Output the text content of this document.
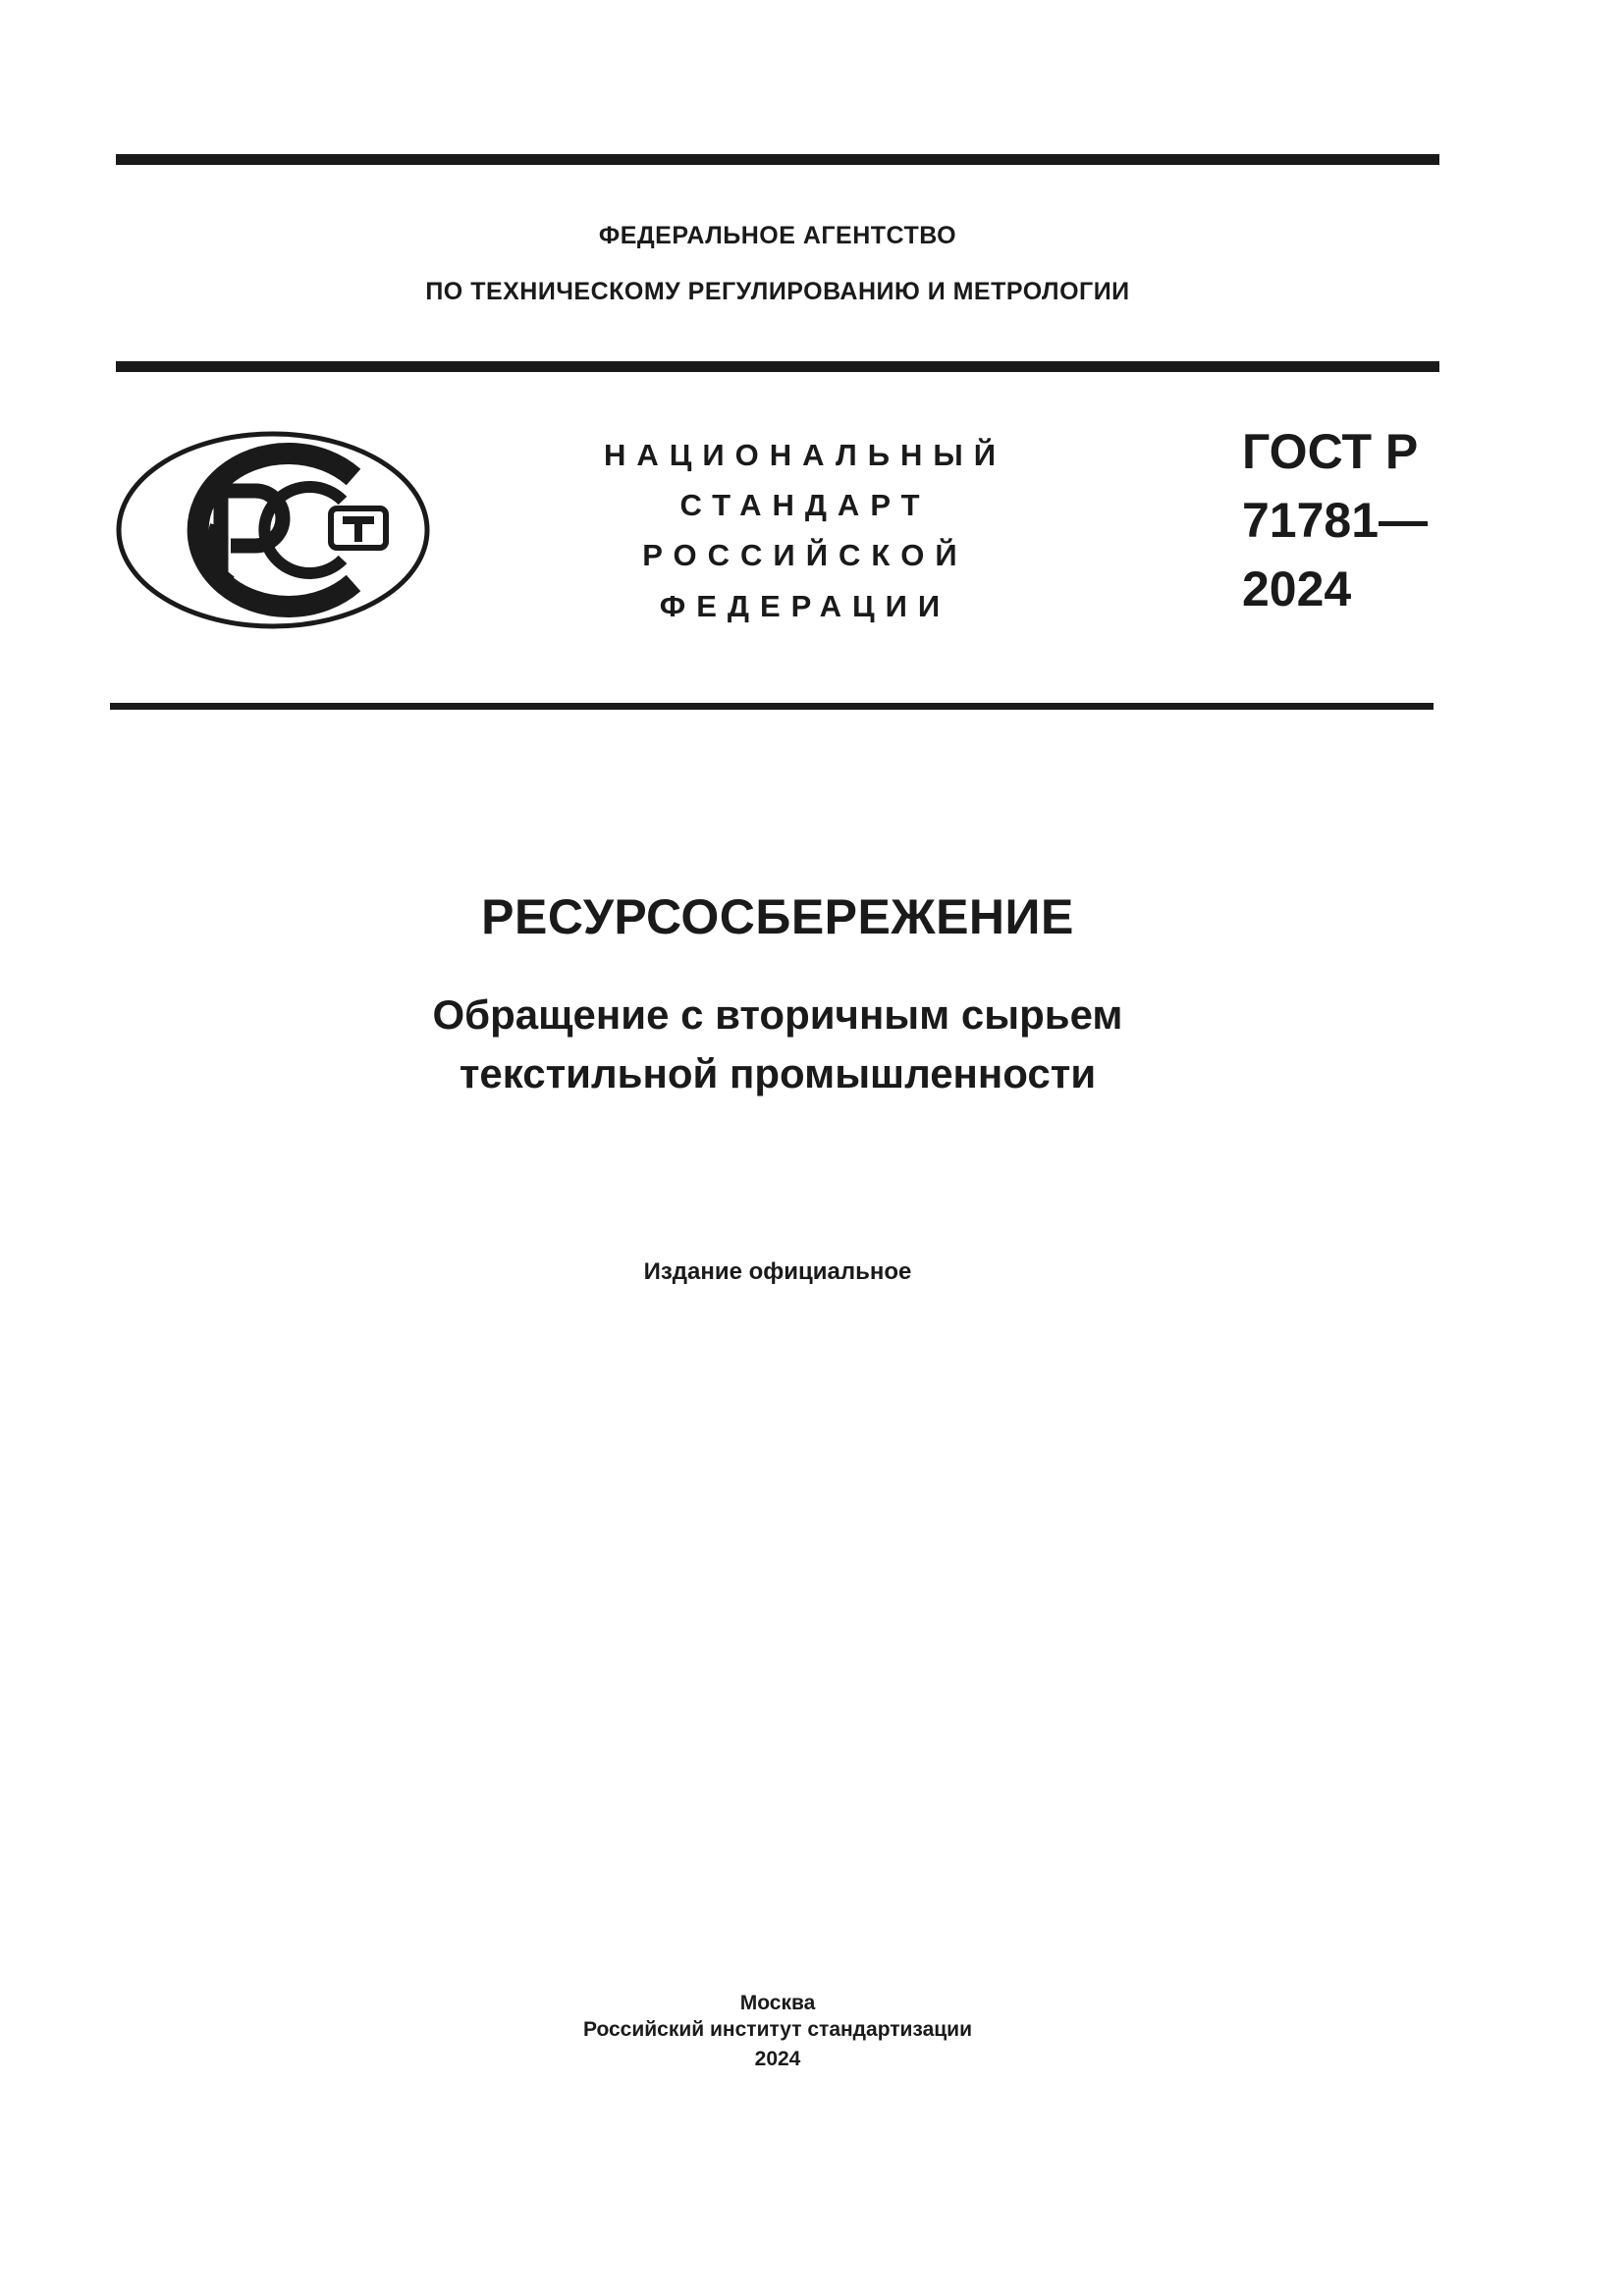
ФЕДЕРАЛЬНОЕ АГЕНТСТВО
ПО ТЕХНИЧЕСКОМУ РЕГУЛИРОВАНИЮ И МЕТРОЛОГИИ
НАЦИОНАЛЬНЫЙ
СТАНДАРТ
РОССИЙСКОЙ
ФЕДЕРАЦИИ
ГОСТ Р
71781—
2024
РЕСУРСОСБЕРЕЖЕНИЕ
Обращение с вторичным сырьем
текстильной промышленности
Издание официальное
Москва
Российский институт стандартизации
2024
